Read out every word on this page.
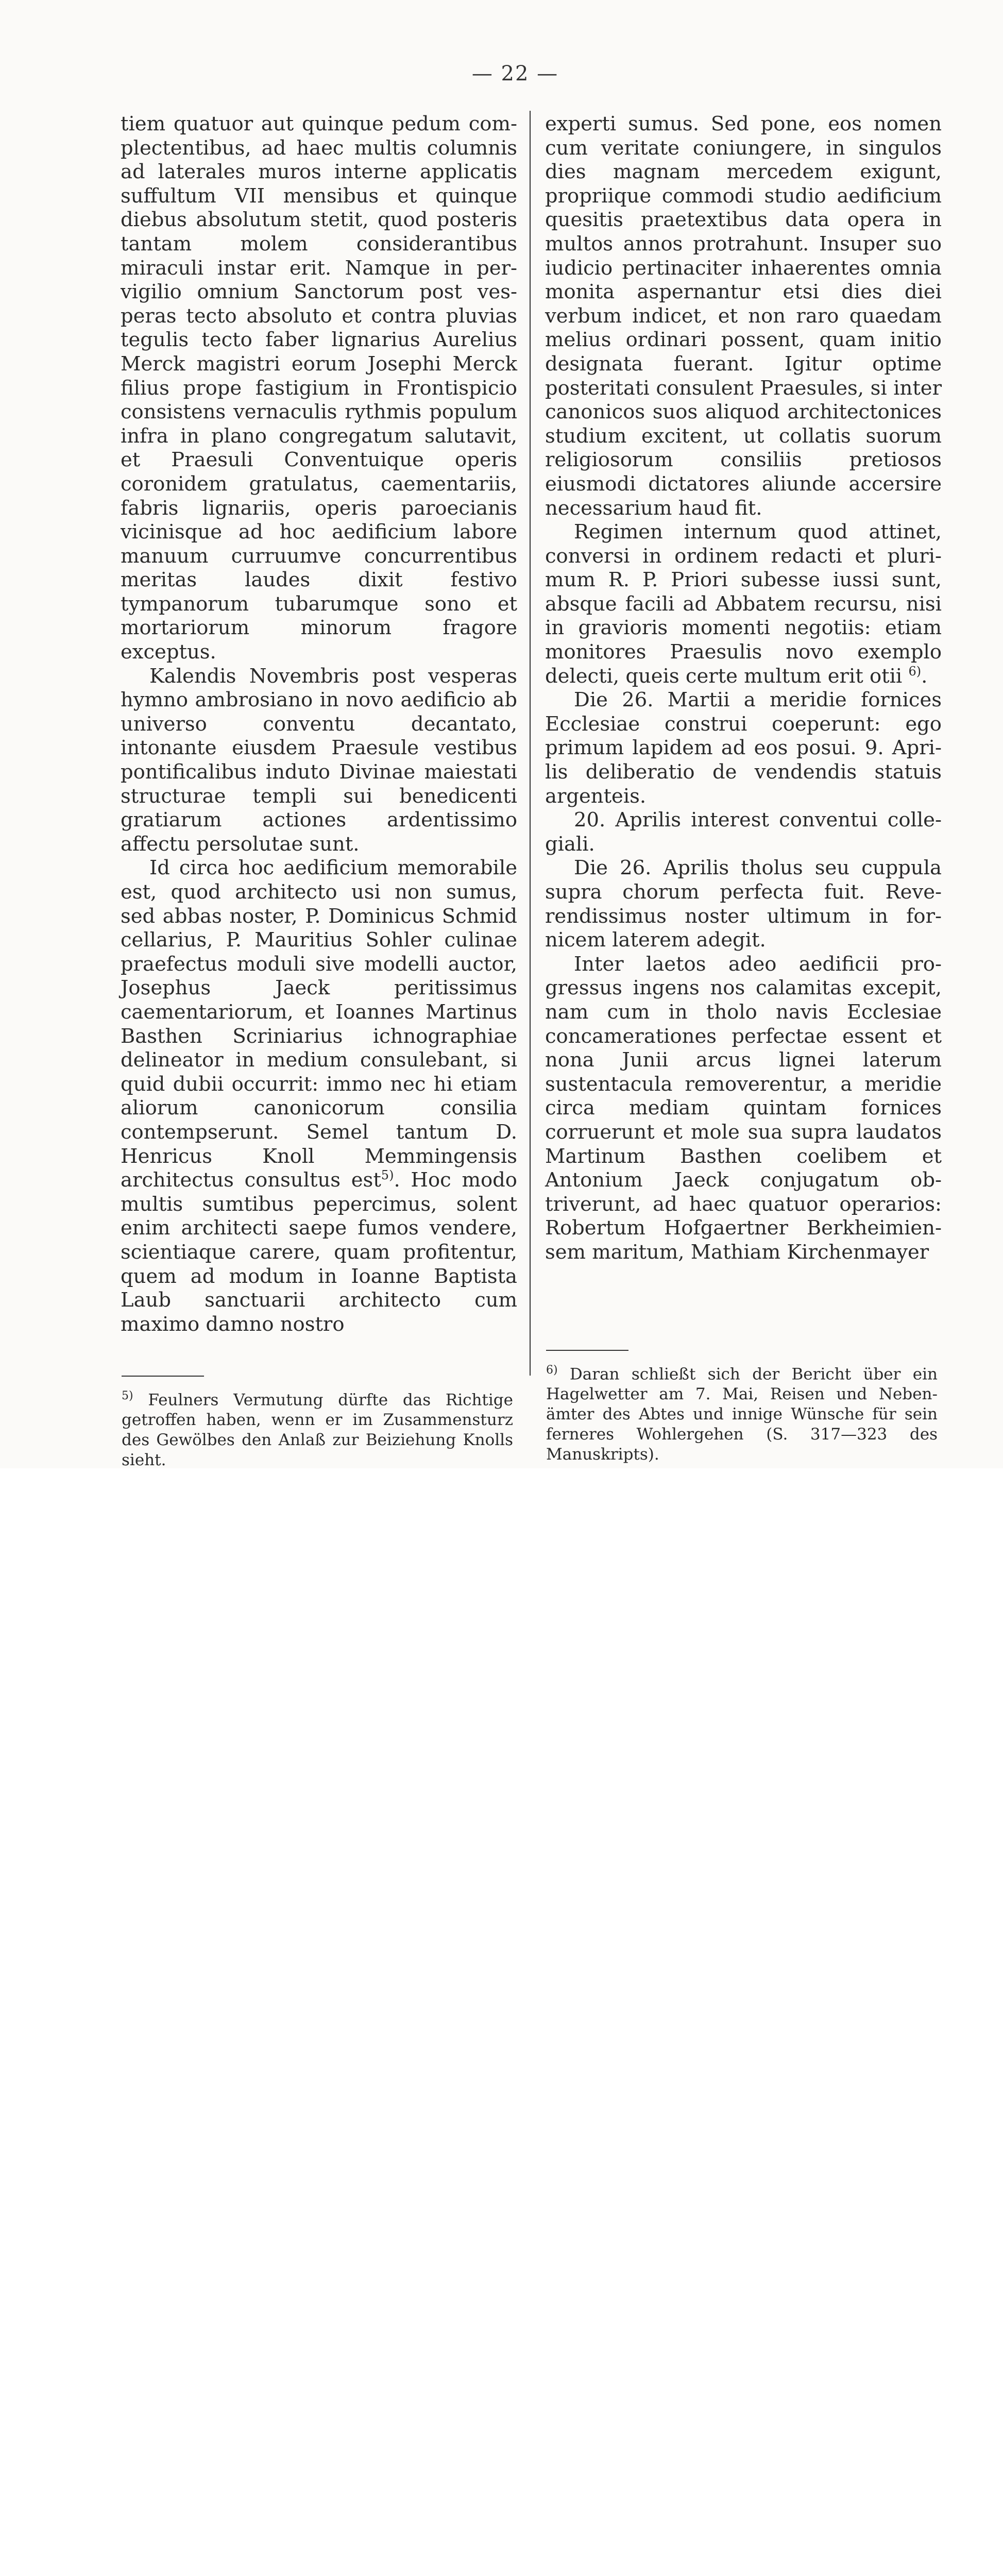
— 22 —

tiem quatuor aut quinque pedum complectentibus, ad haec multis columnis ad laterales muros interne applicatis suffultum VII mensibus et quinque diebus absolutum stetit, quod posteris tantam molem considerantibus miraculi instar erit. Namque in pervigilio omnium Sanctorum post vesperas tecto absoluto et contra pluvias tegulis tecto faber lignarius Aurelius Merck magistri eorum Josephi Merck filius prope fastigium in Frontispicio consistens vernaculis rythmis populum infra in plano congregatum salutavit, et Praesuli Conventuique operis coronidem gratulatus, caementariis, fabris lignariis, operis paroecianis vicinisque ad hoc aedificium labore manuum curruumve concurrentibus meritas laudes dixit festivo tympanorum tubarumque sono et mortariorum minorum fragore exceptus.

Kalendis Novembris post vesperas hymno ambrosiano in novo aedificio ab universo conventu decantato, intonante eiusdem Praesule vestibus pontificalibus induto Divinae maiestati structurae templi sui benedicenti gratiarum actiones ardentissimo affectu persolutae sunt.

Id circa hoc aedificium memorabile est, quod architecto usi non sumus, sed abbas noster, P. Dominicus Schmid cellarius, P. Mauritius Sohler culinae praefectus moduli sive modelli auctor, Josephus Jaeck peritissimus caementariorum, et Ioannes Martinus Basthen Scriniarius ichnographiae delineator in medium consulebant, si quid dubii occurrit: immo nec hi etiam aliorum canonicorum consilia contempserunt. Semel tantum D. Henricus Knoll Memmingensis architectus consultus est$^{5)}$. Hoc modo multis sumtibus pepercimus, solent enim architecti saepe fumos vendere, scientiaque carere, quam profitentur, quem ad modum in Ioanne Baptista Laub sanctuarii architecto cum maximo damno nostro

experti sumus. Sed pone, eos nomen cum veritate coniungere, in singulos dies magnam mercedem exigunt, propriique commodi studio aedificium quesitis praetextibus data opera in multos annos protrahunt. Insuper suo iudicio pertinaciter inhaerentes omnia monita aspernantur etsi dies diei verbum indicet, et non raro quaedam melius ordinari possent, quam initio designata fuerant. Igitur optime posteritati consulent Praesules, si inter canonicos suos aliquod architectonices studium excitent, ut collatis suorum religiosorum consiliis pretiosos eiusmodi dictatores aliunde accersire necessarium haud fit.

Regimen internum quod attinet, conversi in ordinem redacti et plurimum R. P. Priori subesse iussi sunt, absque facili ad Abbatem recursu, nisi in gravioris momenti negotiis: etiam monitores Praesulis novo exemplo delecti, queis certe multum erit otii $^{6)}$.

Die 26. Martii a meridie fornices Ecclesiae construi coeperunt: ego primum lapidem ad eos posui. 9. Aprilis deliberatio de vendendis statuis argenteis.

20. Aprilis interest conventui collegiali.

Die 26. Aprilis tholus seu cuppula supra chorum perfecta fuit. Reverendissimus noster ultimum in fornicem laterem adegit.

Inter laetos adeo aedificii progressus ingens nos calamitas excepit, nam cum in tholo navis Ecclesiae concamerationes perfectae essent et nona Junii arcus lignei laterum sustentacula removerentur, a meridie circa mediam quintam fornices corruerunt et mole sua supra laudatos Martinum Basthen coelibem et Antonium Jaeck conjugatum obtriverunt, ad haec quatuor operarios: Robertum Hofgaertner Berkheimiensem maritum, Mathiam Kirchenmayer

$^{5)}$ Feulners Vermutung dürfte das Richtige getroffen haben, wenn er im Zusammensturz des Gewölbes den Anlaß zur Beiziehung Knolls sieht.
$^{6)}$ Daran schließt sich der Bericht über ein Hagelwetter am 7. Mai, Reisen und Nebenämter des Abtes und innige Wünsche für sein ferneres Wohlergehen (S. 317—323 des Manuskripts).
